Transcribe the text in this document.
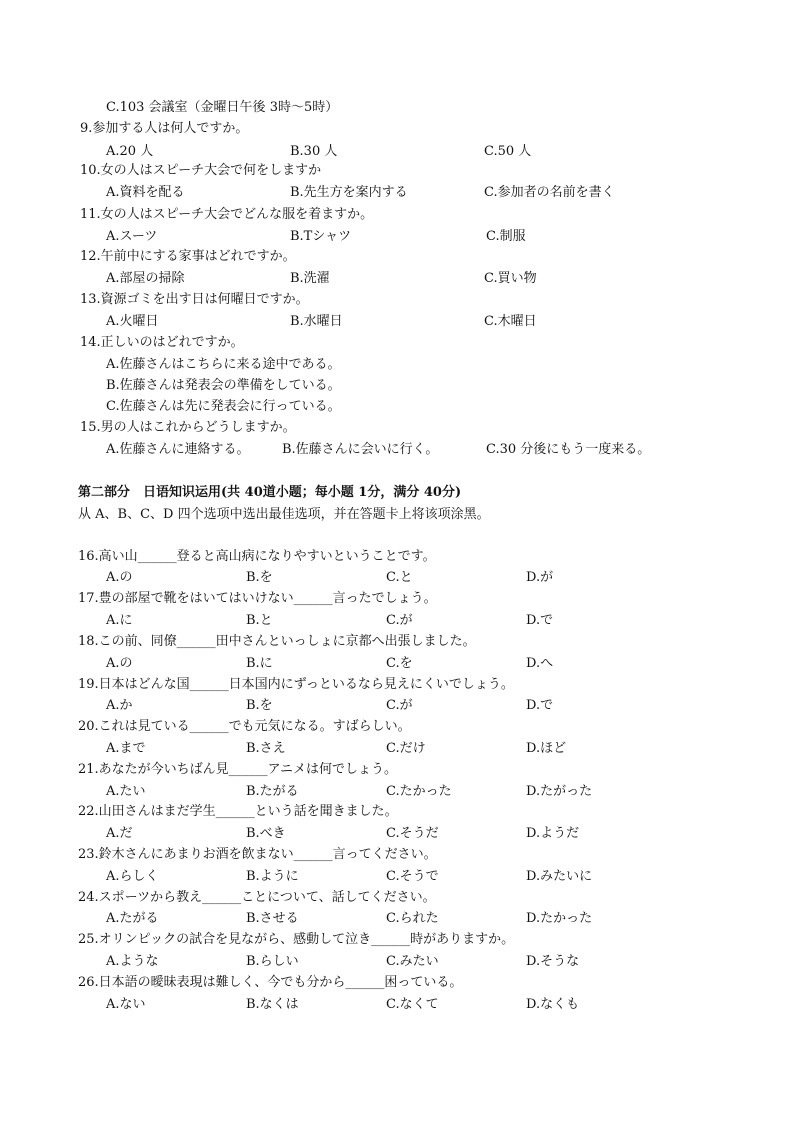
C.103 会議室（金曜日午後 3時～5時）
9.参加する人は何人ですか。
A.20 人	B.30 人	C.50 人
10.女の人はスピーチ大会で何をしますか
A.資料を配る	B.先生方を案内する	C.参加者の名前を書く
11.女の人はスピーチ大会でどんな服を着ますか。
A.スーツ	B.Tシャツ	C.制服
12.午前中にする家事はどれですか。
A.部屋の掃除	B.洗濯	C.買い物
13.資源ゴミを出す日は何曜日ですか。
A.火曜日	B.水曜日	C.木曜日
14.正しいのはどれですか。
A.佐藤さんはこちらに来る途中である。
B.佐藤さんは発表会の準備をしている。
C.佐藤さんは先に発表会に行っている。
15.男の人はこれからどうしますか。
A.佐藤さんに連絡する。 B.佐藤さんに会いに行く。	C.30 分後にもう一度来る。
第二部分　日语知识运用(共 40道小题；每小题 1分，满分 40分)
从 A、B、C、D 四个选项中选出最佳选项，并在答题卡上将该项涂黑。
16.高い山______登ると高山病になりやすいということです。
A.の	B.を	C.と	D.が
17.豊の部屋で靴をはいてはいけない______言ったでしょう。
A.に	B.と	C.が	D.で
18.この前、同僚______田中さんといっしょに京都へ出張しました。
A.の	B.に	C.を	D.へ
19.日本はどんな国______日本国内にずっといるなら見えにくいでしょう。
A.か	B.を	C.が	D.で
20.これは見ている______でも元気になる。すばらしい。
A.まで	B.さえ	C.だけ	D.ほど
21.あなたが今いちばん見______アニメは何でしょう。
A.たい	B.たがる	C.たかった	D.たがった
22.山田さんはまだ学生______という話を聞きました。
A.だ	B.べき	C.そうだ	D.ようだ
23.鈴木さんにあまりお酒を飲まない______言ってください。
A.らしく	B.ように	C.そうで	D.みたいに
24.スポーツから教え______ことについて、話してください。
A.たがる	B.させる	C.られた	D.たかった
25.オリンピックの試合を見ながら、感動して泣き______時がありますか。
A.ような	B.らしい	C.みたい	D.そうな
26.日本語の曖昧表現は難しく、今でも分から______困っている。
A.ない	B.なくは	C.なくて	D.なくも
